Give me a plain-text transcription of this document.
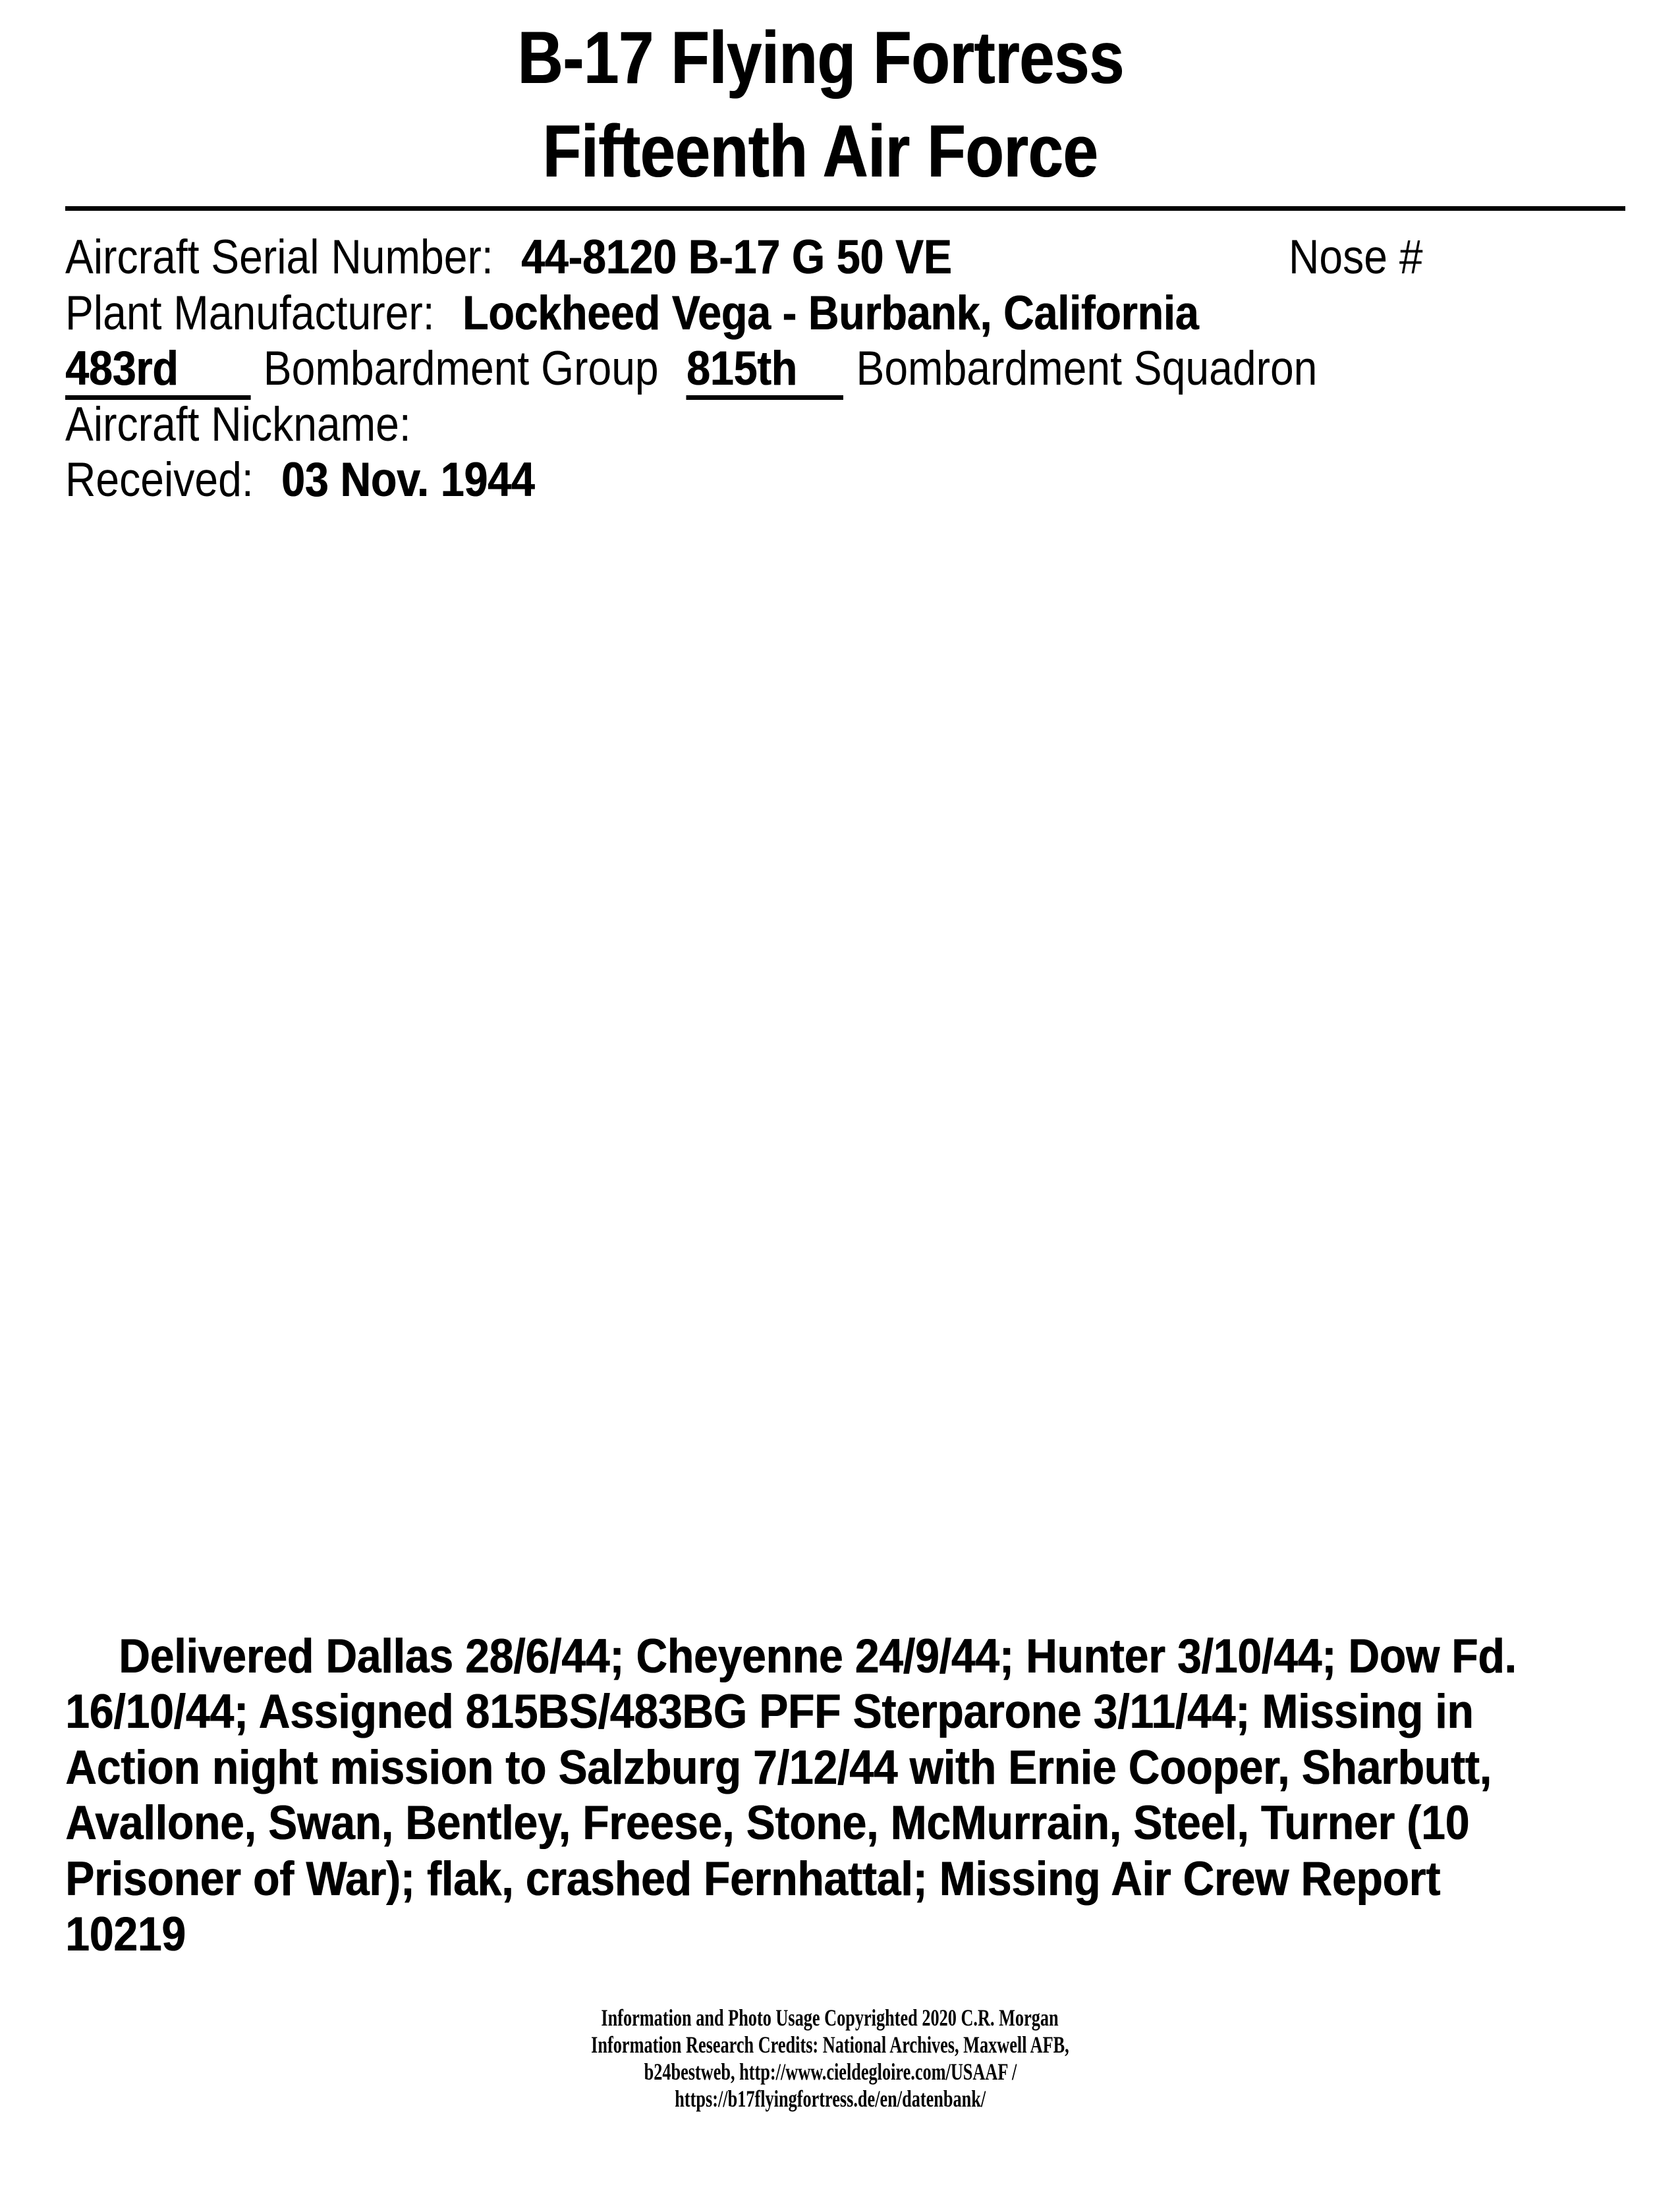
B-17 Flying Fortress
Fifteenth Air Force
Aircraft Serial Number: 44-8120 B-17 G 50 VE	Nose #
Plant Manufacturer: Lockheed Vega - Burbank, California
483rd Bombardment Group 815th Bombardment Squadron
Aircraft Nickname:
Received: 03 Nov. 1944
Delivered Dallas 28/6/44; Cheyenne 24/9/44; Hunter 3/10/44; Dow Fd.
16/10/44; Assigned 815BS/483BG PFF Sterparone 3/11/44; Missing in
Action night mission to Salzburg 7/12/44 with Ernie Cooper, Sharbutt,
Avallone, Swan, Bentley, Freese, Stone, McMurrain, Steel, Turner (10
Prisoner of War); flak, crashed Fernhattal; Missing Air Crew Report
10219
Information and Photo Usage Copyrighted 2020 C.R. Morgan
Information Research Credits: National Archives, Maxwell AFB,
b24bestweb, http://www.cieldegloire.com/USAAF /
https://b17flyingfortress.de/en/datenbank/
